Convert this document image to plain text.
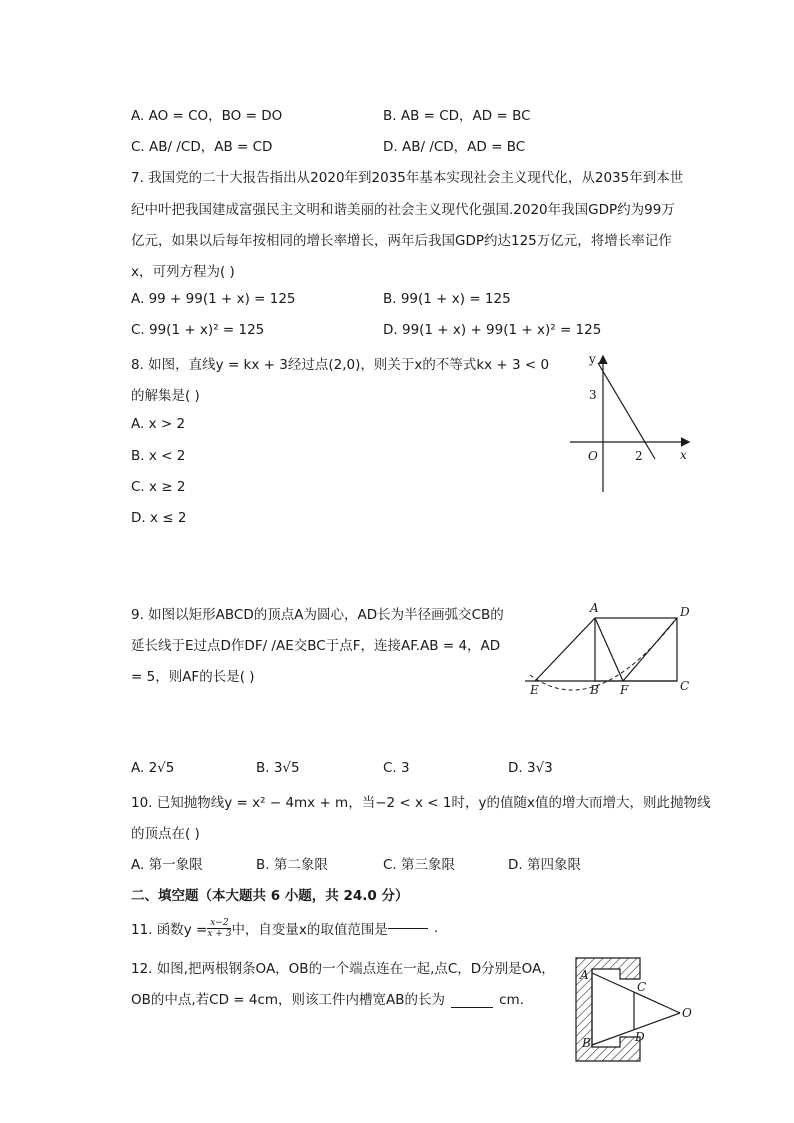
A. AO = CO，BO = DO	B. AB = CD，AD = BC
C. AB/ /CD，AB = CD	D. AB/ /CD，AD = BC
7. 我国党的二十大报告指出从2020年到2035年基本实现社会主义现代化，从2035年到本世
纪中叶把我国建成富强民主文明和谐美丽的社会主义现代化强国.2020年我国GDP约为99万
亿元，如果以后每年按相同的增长率增长，两年后我国GDP约达125万亿元，将增长率记作
x，可列方程为( )
A. 99 + 99(1 + x) = 125	B. 99(1 + x) = 125
C. 99(1 + x)² = 125	D. 99(1 + x) + 99(1 + x)² = 125
8. 如图，直线y = kx + 3经过点(2,0)，则关于x的不等式kx + 3 < 0
的解集是( )
A. x > 2
B. x < 2
C. x ≥ 2
D. x ≤ 2
y
x
O
3
2
9. 如图以矩形ABCD的顶点A为圆心，AD长为半径画弧交CB的
延长线于E过点D作DF/ /AE交BC于点F，连接AF.AB = 4，AD
= 5，则AF的长是( )
A	D
E	B F	C
A. 2√5	B. 3√5	C. 3	D. 3√3
10. 已知抛物线y = x² − 4mx + m，当−2 < x < 1时，y的值随x值的增大而增大，则此抛物线
的顶点在( )
A. 第一象限	B. 第二象限	C. 第三象限	D. 第四象限
二、填空题（本大题共 6 小题，共 24.0 分）
11. 函数$y = \frac{x-2}{x + 3}$ 中，自变量x的取值范围是	.
12. 如图,把两根钢条OA，OB的一个端点连在一起,点C，D分别是OA，
OB的中点,若CD = 4cm，则该工件内槽宽AB的长为	cm.
A
B
C
D
O
